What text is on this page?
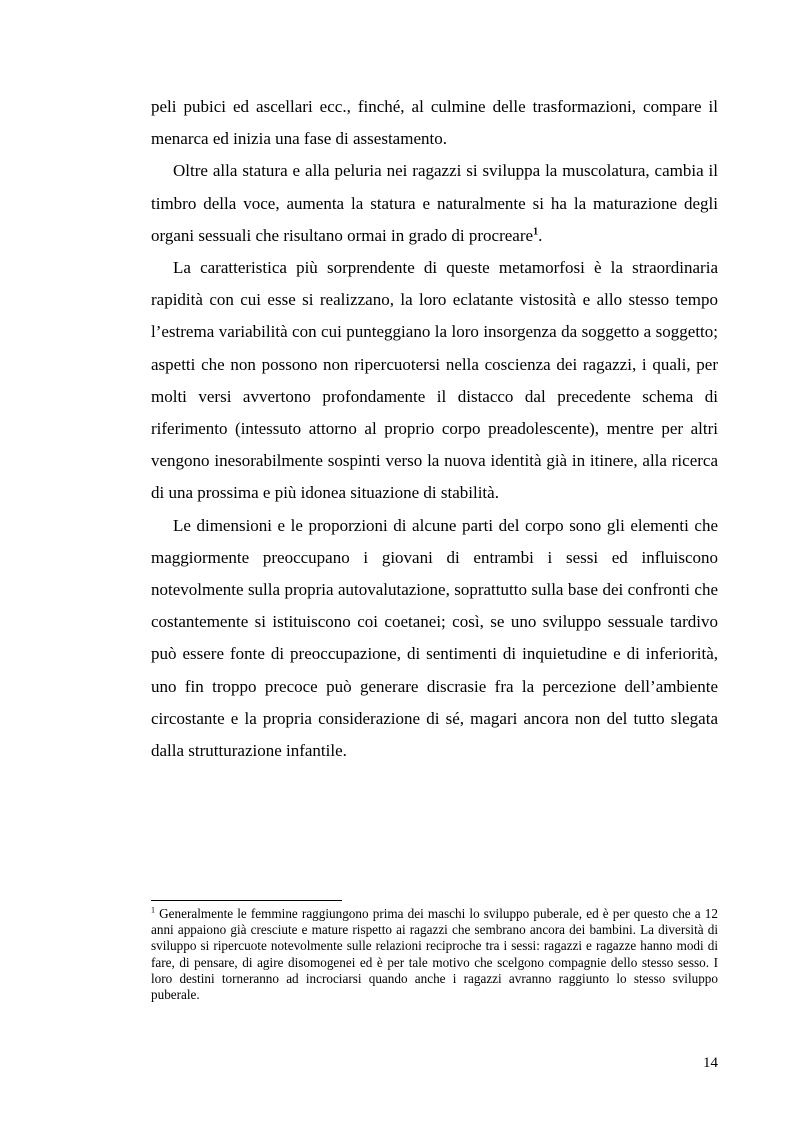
peli pubici ed ascellari ecc., finché, al culmine delle trasformazioni, compare il menarca ed inizia una fase di assestamento.

Oltre alla statura e alla peluria nei ragazzi si sviluppa la muscolatura, cambia il timbro della voce, aumenta la statura e naturalmente si ha la maturazione degli organi sessuali che risultano ormai in grado di procreare$^1$.

La caratteristica più sorprendente di queste metamorfosi è la straordinaria rapidità con cui esse si realizzano, la loro eclatante vistosità e allo stesso tempo l’estrema variabilità con cui punteggiano la loro insorgenza da soggetto a soggetto; aspetti che non possono non ripercuotersi nella coscienza dei ragazzi, i quali, per molti versi avvertono profondamente il distacco dal precedente schema di riferimento (intessuto attorno al proprio corpo preadolescente), mentre per altri vengono inesorabilmente sospinti verso la nuova identità già in itinere, alla ricerca di una prossima e più idonea situazione di stabilità.

Le dimensioni e le proporzioni di alcune parti del corpo sono gli elementi che maggiormente preoccupano i giovani di entrambi i sessi ed influiscono notevolmente sulla propria autovalutazione, soprattutto sulla base dei confronti che costantemente si istituiscono coi coetanei; così, se uno sviluppo sessuale tardivo può essere fonte di preoccupazione, di sentimenti di inquietudine e di inferiorità, uno fin troppo precoce può generare discrasie fra la percezione dell’ambiente circostante e la propria considerazione di sé, magari ancora non del tutto slegata dalla strutturazione infantile.

$^1$ Generalmente le femmine raggiungono prima dei maschi lo sviluppo puberale, ed è per questo che a 12 anni appaiono già cresciute e mature rispetto ai ragazzi che sembrano ancora dei bambini. La diversità di sviluppo si ripercuote notevolmente sulle relazioni reciproche tra i sessi: ragazzi e ragazze hanno modi di fare, di pensare, di agire disomogenei ed è per tale motivo che scelgono compagnie dello stesso sesso. I loro destini torneranno ad incrociarsi quando anche i ragazzi avranno raggiunto lo stesso sviluppo puberale.

14
